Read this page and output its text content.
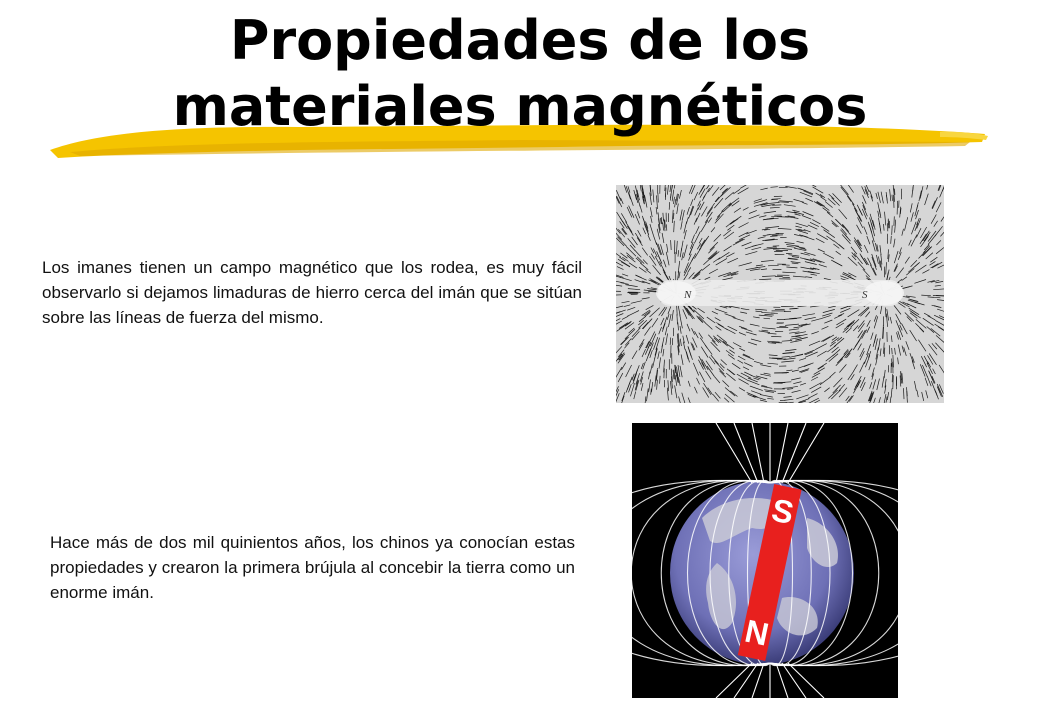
Propiedades de los
materiales magnéticos

Los imanes tienen un campo magnético que los rodea, es muy fácil observarlo si dejamos limaduras de hierro cerca del imán que se sitúan sobre las líneas de fuerza del mismo.

N	S
S
N

Hace más de dos mil quinientos años, los chinos ya conocían estas propiedades y crearon la primera brújula al concebir la tierra como un enorme imán.
